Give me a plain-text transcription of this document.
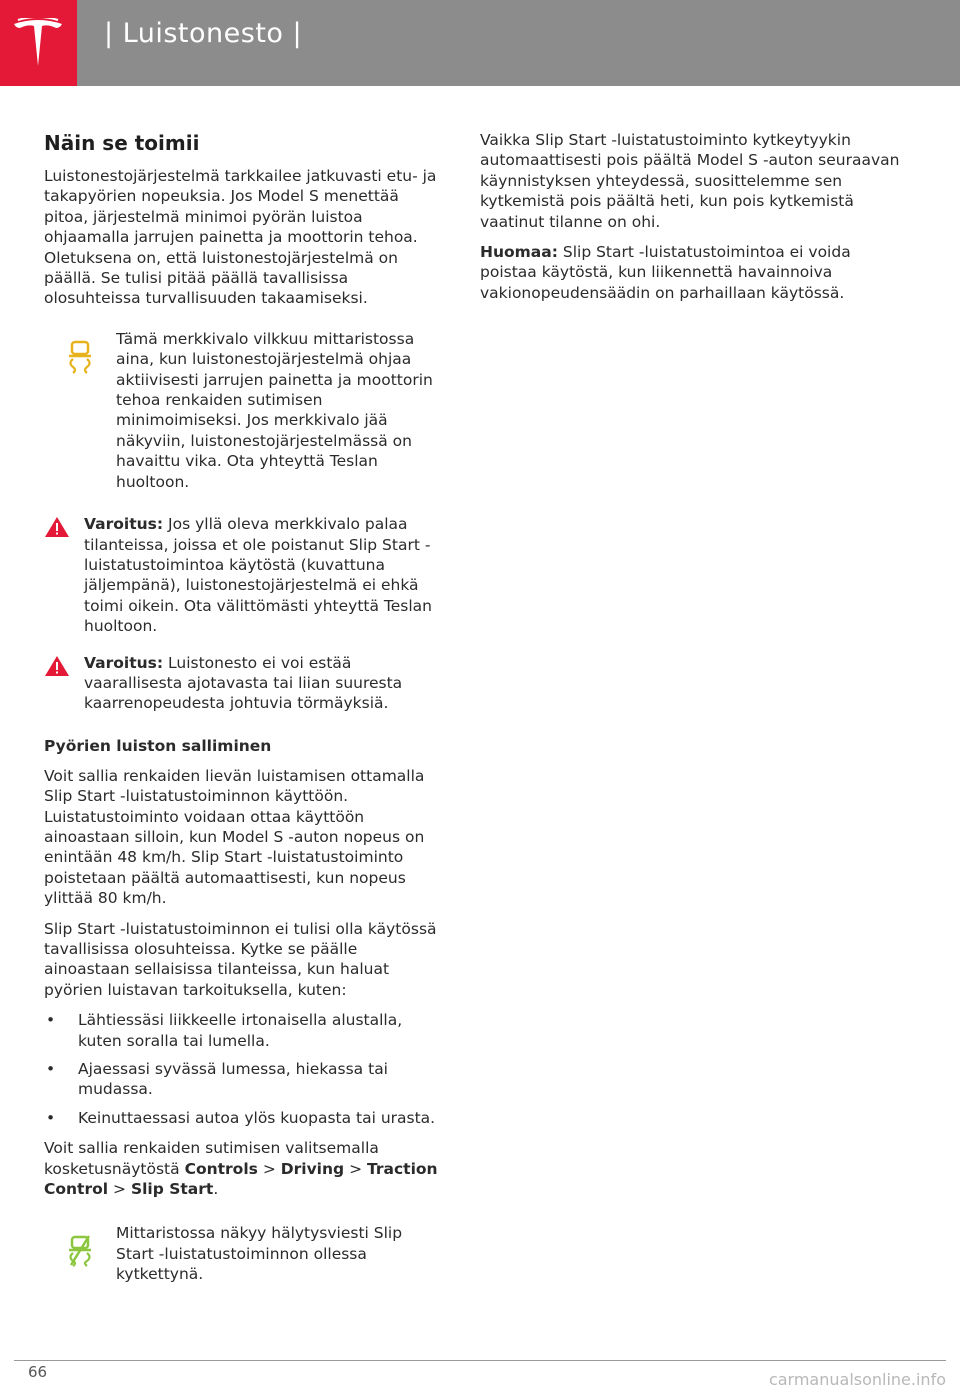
| Luistonesto |
Näin se toimii

Luistonestojärjestelmä tarkkailee jatkuvasti etu- ja takapyörien nopeuksia. Jos Model S menettää pitoa, järjestelmä minimoi pyörän luistoa ohjaamalla jarrujen painetta ja moottorin tehoa. Oletuksena on, että luistonestojärjestelmä on päällä. Se tulisi pitää päällä tavallisissa olosuhteissa turvallisuuden takaamiseksi.

Tämä merkkivalo vilkkuu mittaristossa aina, kun luistonestojärjestelmä ohjaa aktiivisesti jarrujen painetta ja moottorin tehoa renkaiden sutimisen minimoimiseksi. Jos merkkivalo jää näkyviin, luistonestojärjestelmässä on havaittu vika. Ota yhteyttä Teslan huoltoon.
Varoitus: Jos yllä oleva merkkivalo palaa tilanteissa, joissa et ole poistanut Slip Start -luistatustoimintoa käytöstä (kuvattuna jäljempänä), luistonestojärjestelmä ei ehkä toimi oikein. Ota välittömästi yhteyttä Teslan huoltoon.
Varoitus: Luistonesto ei voi estää vaarallisesta ajotavasta tai liian suuresta kaarrenopeudesta johtuvia törmäyksiä.
Pyörien luiston salliminen

Voit sallia renkaiden lievän luistamisen ottamalla Slip Start -luistatustoiminnon käyttöön. Luistatustoiminto voidaan ottaa käyttöön ainoastaan silloin, kun Model S -auton nopeus on enintään 48 km/h. Slip Start -luistatustoiminto poistetaan päältä automaattisesti, kun nopeus ylittää 80 km/h.

Slip Start -luistatustoiminnon ei tulisi olla käytössä tavallisissa olosuhteissa. Kytke se päälle ainoastaan sellaisissa tilanteissa, kun haluat pyörien luistavan tarkoituksella, kuten:

• Lähtiessäsi liikkeelle irtonaisella alustalla, kuten soralla tai lumella.
• Ajaessasi syvässä lumessa, hiekassa tai mudassa.
• Keinuttaessasi autoa ylös kuopasta tai urasta.

Voit sallia renkaiden sutimisen valitsemalla kosketusnäytöstä Controls > Driving > Traction Control > Slip Start.

Mittaristossa näkyy hälytysviesti Slip Start -luistatustoiminnon ollessa kytkettynä.

Vaikka Slip Start -luistatustoiminto kytkeytyykin automaattisesti pois päältä Model S -auton seuraavan käynnistyksen yhteydessä, suosittelemme sen kytkemistä pois päältä heti, kun pois kytkemistä vaatinut tilanne on ohi.

Huomaa: Slip Start -luistatustoimintoa ei voida poistaa käytöstä, kun liikennettä havainnoiva vakionopeudensäädin on parhaillaan käytössä.

66	carmanualsonline.info
